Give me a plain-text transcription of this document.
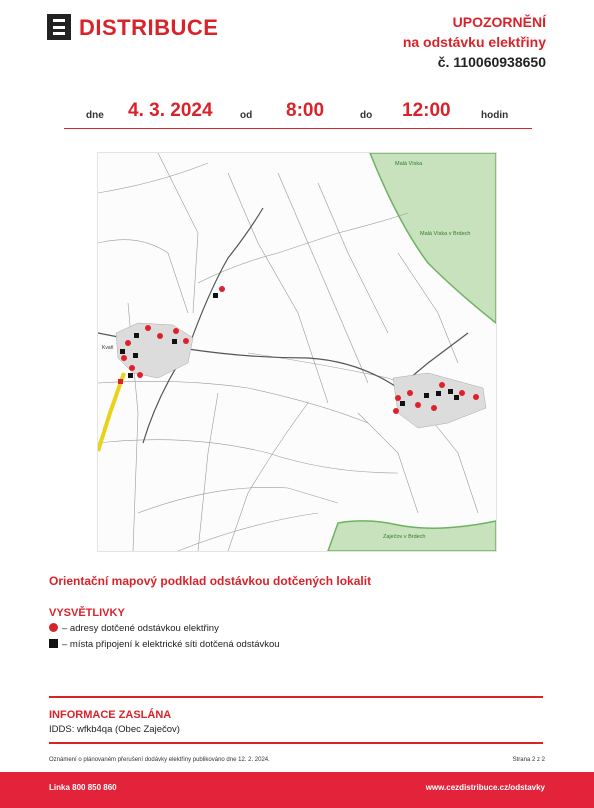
DISTRIBUCE	UPOZORNĚNÍ
na odstávku elektřiny
č. 110060938650
dne 4. 3. 2024	od 8:00	do 12:00	hodin
Malá Víska
Malá Víska v Brdech
Zaječov v Brdech
Kvaň
Orientační mapový podklad odstávkou dotčených lokalit
VYSVĚTLIVKY
– adresy dotčené odstávkou elektřiny
– místa připojení k elektrické síti dotčená odstávkou
INFORMACE ZASLÁNA
IDDS: wfkb4qa (Obec Zaječov)
Oznámení o plánovaném přerušení dodávky elektřiny publikováno dne 12. 2. 2024.	Strana 2 z 2
Linka 800 850 860	www.cezdistribuce.cz/odstavky
